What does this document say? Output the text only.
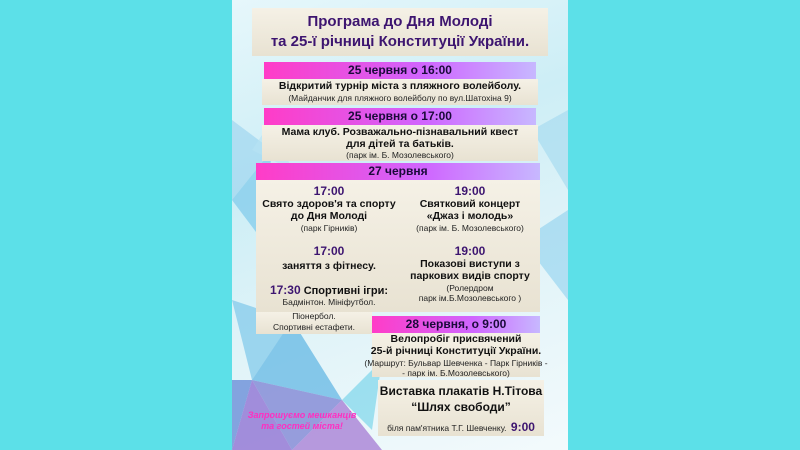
Програма до Дня Молоді
та 25-ї річниці Конституції України.
25 червня о 16:00
Відкритий турнір міста з пляжного волейболу.
(Майданчик для пляжного волейболу по вул.Шатохіна 9)
25 червня о 17:00
Мама клуб. Розважально-пізнавальний квест
для дітей та батьків.
(парк ім. Б. Мозолевського)
27 червня
17:00
Свято здоров'я та спорту
до Дня Молоді
(парк Гірників)
17:00
заняття з фітнесу.
17:30 Спортивні ігри:
Бадмінтон. Мініфутбол.
19:00
Святковий концерт
«Джаз і молодь»
(парк ім. Б. Мозолевського)
19:00
Показові виступи з
паркових видів спорту
(Ролердром
парк ім.Б.Мозолевського )
Піонербол.
Спортивні естафети.	28 червня, о 9:00
Велопробіг присвячений
25-й річниці Конституції України.
(Маршрут: Бульвар Шевченка - Парк Гірників -
- парк ім. Б.Мозолевського)
Виставка плакатів Н.Тітова
“Шлях свободи”
біля пам'ятника Т.Г. Шевченку. 9:00
Запрошуємо мешканців
та гостей міста!
